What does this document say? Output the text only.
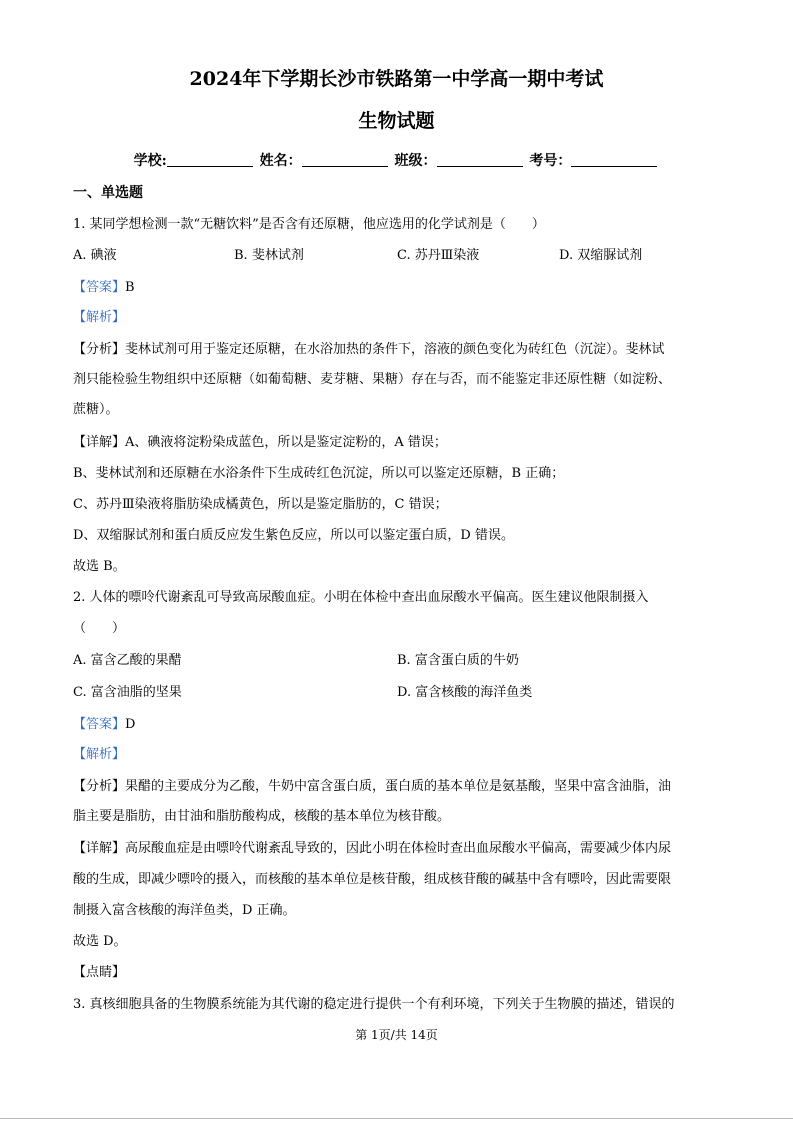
2024年下学期长沙市铁路第一中学高一期中考试
生物试题
学校:	姓名：	班级：	考号：
一、单选题
1. 某同学想检测一款“无糖饮料”是否含有还原糖，他应选用的化学试剂是（　　）
A. 碘液	B. 斐林试剂	C. 苏丹Ⅲ染液	D. 双缩脲试剂
【答案】B
【解析】
【分析】斐林试剂可用于鉴定还原糖，在水浴加热的条件下，溶液的颜色变化为砖红色（沉淀）。斐林试
剂只能检验生物组织中还原糖（如葡萄糖、麦芽糖、果糖）存在与否，而不能鉴定非还原性糖（如淀粉、
蔗糖）。
【详解】A、碘液将淀粉染成蓝色，所以是鉴定淀粉的，A 错误；
B、斐林试剂和还原糖在水浴条件下生成砖红色沉淀，所以可以鉴定还原糖，B 正确；
C、苏丹Ⅲ染液将脂肪染成橘黄色，所以是鉴定脂肪的，C 错误；
D、双缩脲试剂和蛋白质反应发生紫色反应，所以可以鉴定蛋白质，D 错误。
故选 B。
2. 人体的嘌呤代谢紊乱可导致高尿酸血症。小明在体检中查出血尿酸水平偏高。医生建议他限制摄入
（　　）
A. 富含乙酸的果醋	B. 富含蛋白质的牛奶
C. 富含油脂的坚果	D. 富含核酸的海洋鱼类
【答案】D
【解析】
【分析】果醋的主要成分为乙酸，牛奶中富含蛋白质，蛋白质的基本单位是氨基酸，坚果中富含油脂，油
脂主要是脂肪，由甘油和脂肪酸构成，核酸的基本单位为核苷酸。
【详解】高尿酸血症是由嘌呤代谢紊乱导致的，因此小明在体检时查出血尿酸水平偏高，需要减少体内尿
酸的生成，即减少嘌呤的摄入，而核酸的基本单位是核苷酸，组成核苷酸的碱基中含有嘌呤，因此需要限
制摄入富含核酸的海洋鱼类，D 正确。
故选 D。
【点睛】
3. 真核细胞具备的生物膜系统能为其代谢的稳定进行提供一个有利环境，下列关于生物膜的描述，错误的
第 1页/共 14页
